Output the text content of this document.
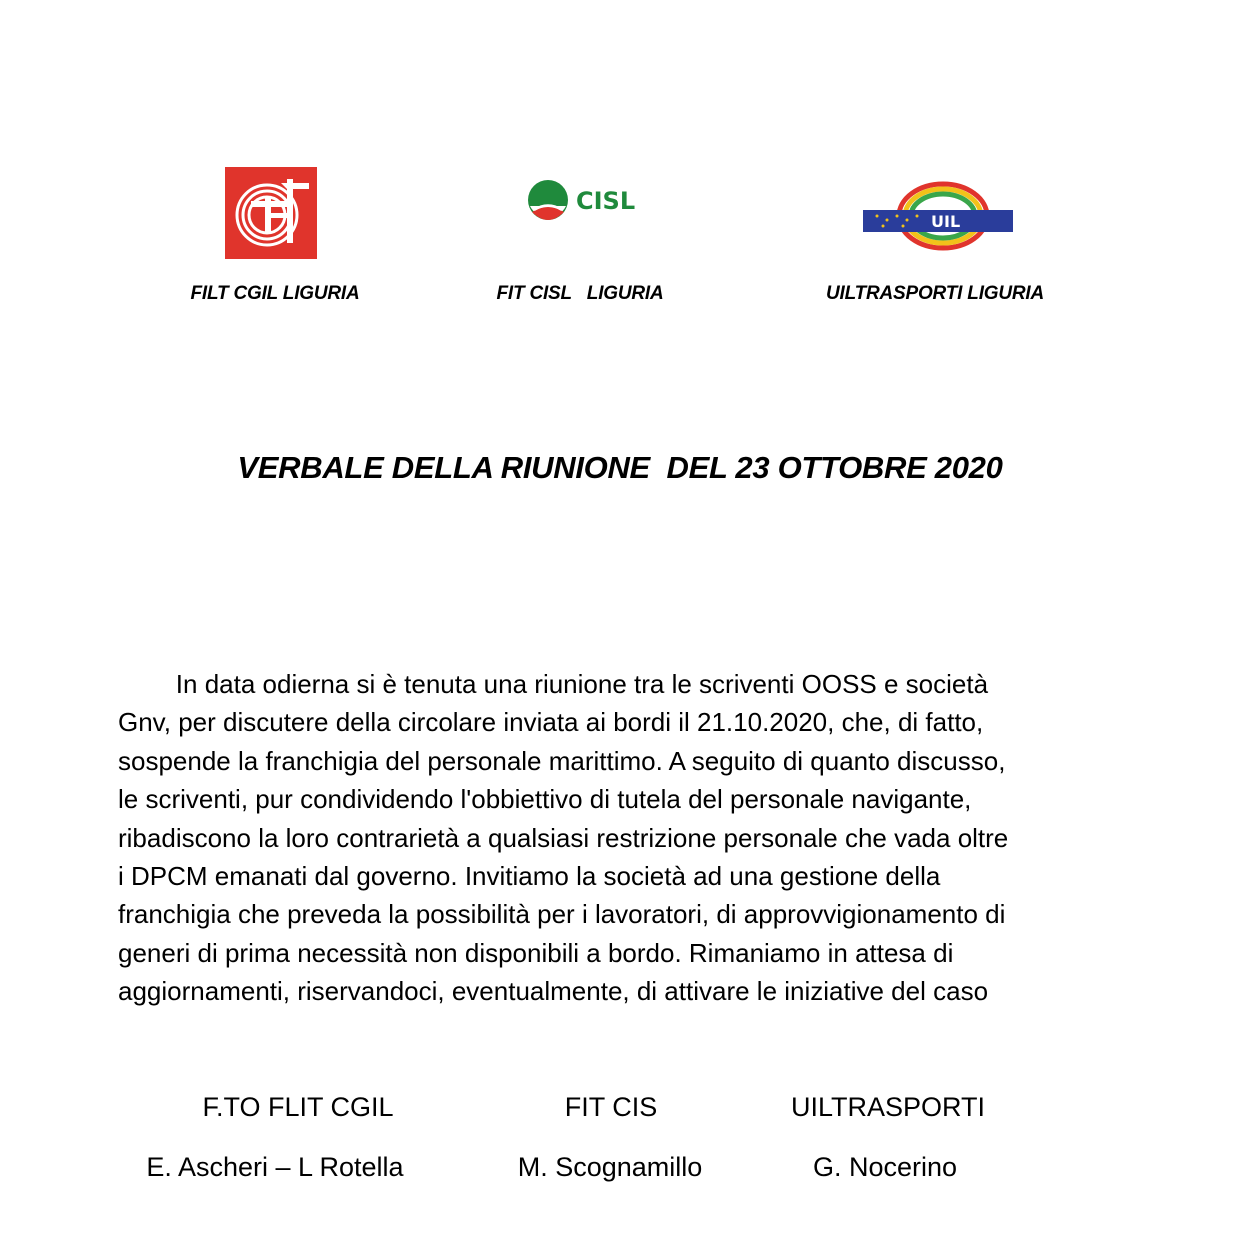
CISL
UIL
FILT CGIL LIGURIA	FIT CISL   LIGURIA	UILTRASPORTI LIGURIA
VERBALE DELLA RIUNIONE  DEL 23 OTTOBRE 2020
In data odierna si è tenuta una riunione tra le scriventi OOSS e società
Gnv, per discutere della circolare inviata ai bordi il 21.10.2020, che, di fatto,
sospende la franchigia del personale marittimo. A seguito di quanto discusso,
le scriventi, pur condividendo l'obbiettivo di tutela del personale navigante,
ribadiscono la loro contrarietà a qualsiasi restrizione personale che vada oltre
i DPCM emanati dal governo. Invitiamo la società ad una gestione della
franchigia che preveda la possibilità per i lavoratori, di approvvigionamento di
generi di prima necessità non disponibili a bordo. Rimaniamo in attesa di
aggiornamenti, riservandoci, eventualmente, di attivare le iniziative del caso
F.TO FLIT CGIL	FIT CIS	UILTRASPORTI
E. Ascheri – L Rotella	M. Scognamillo	G. Nocerino
